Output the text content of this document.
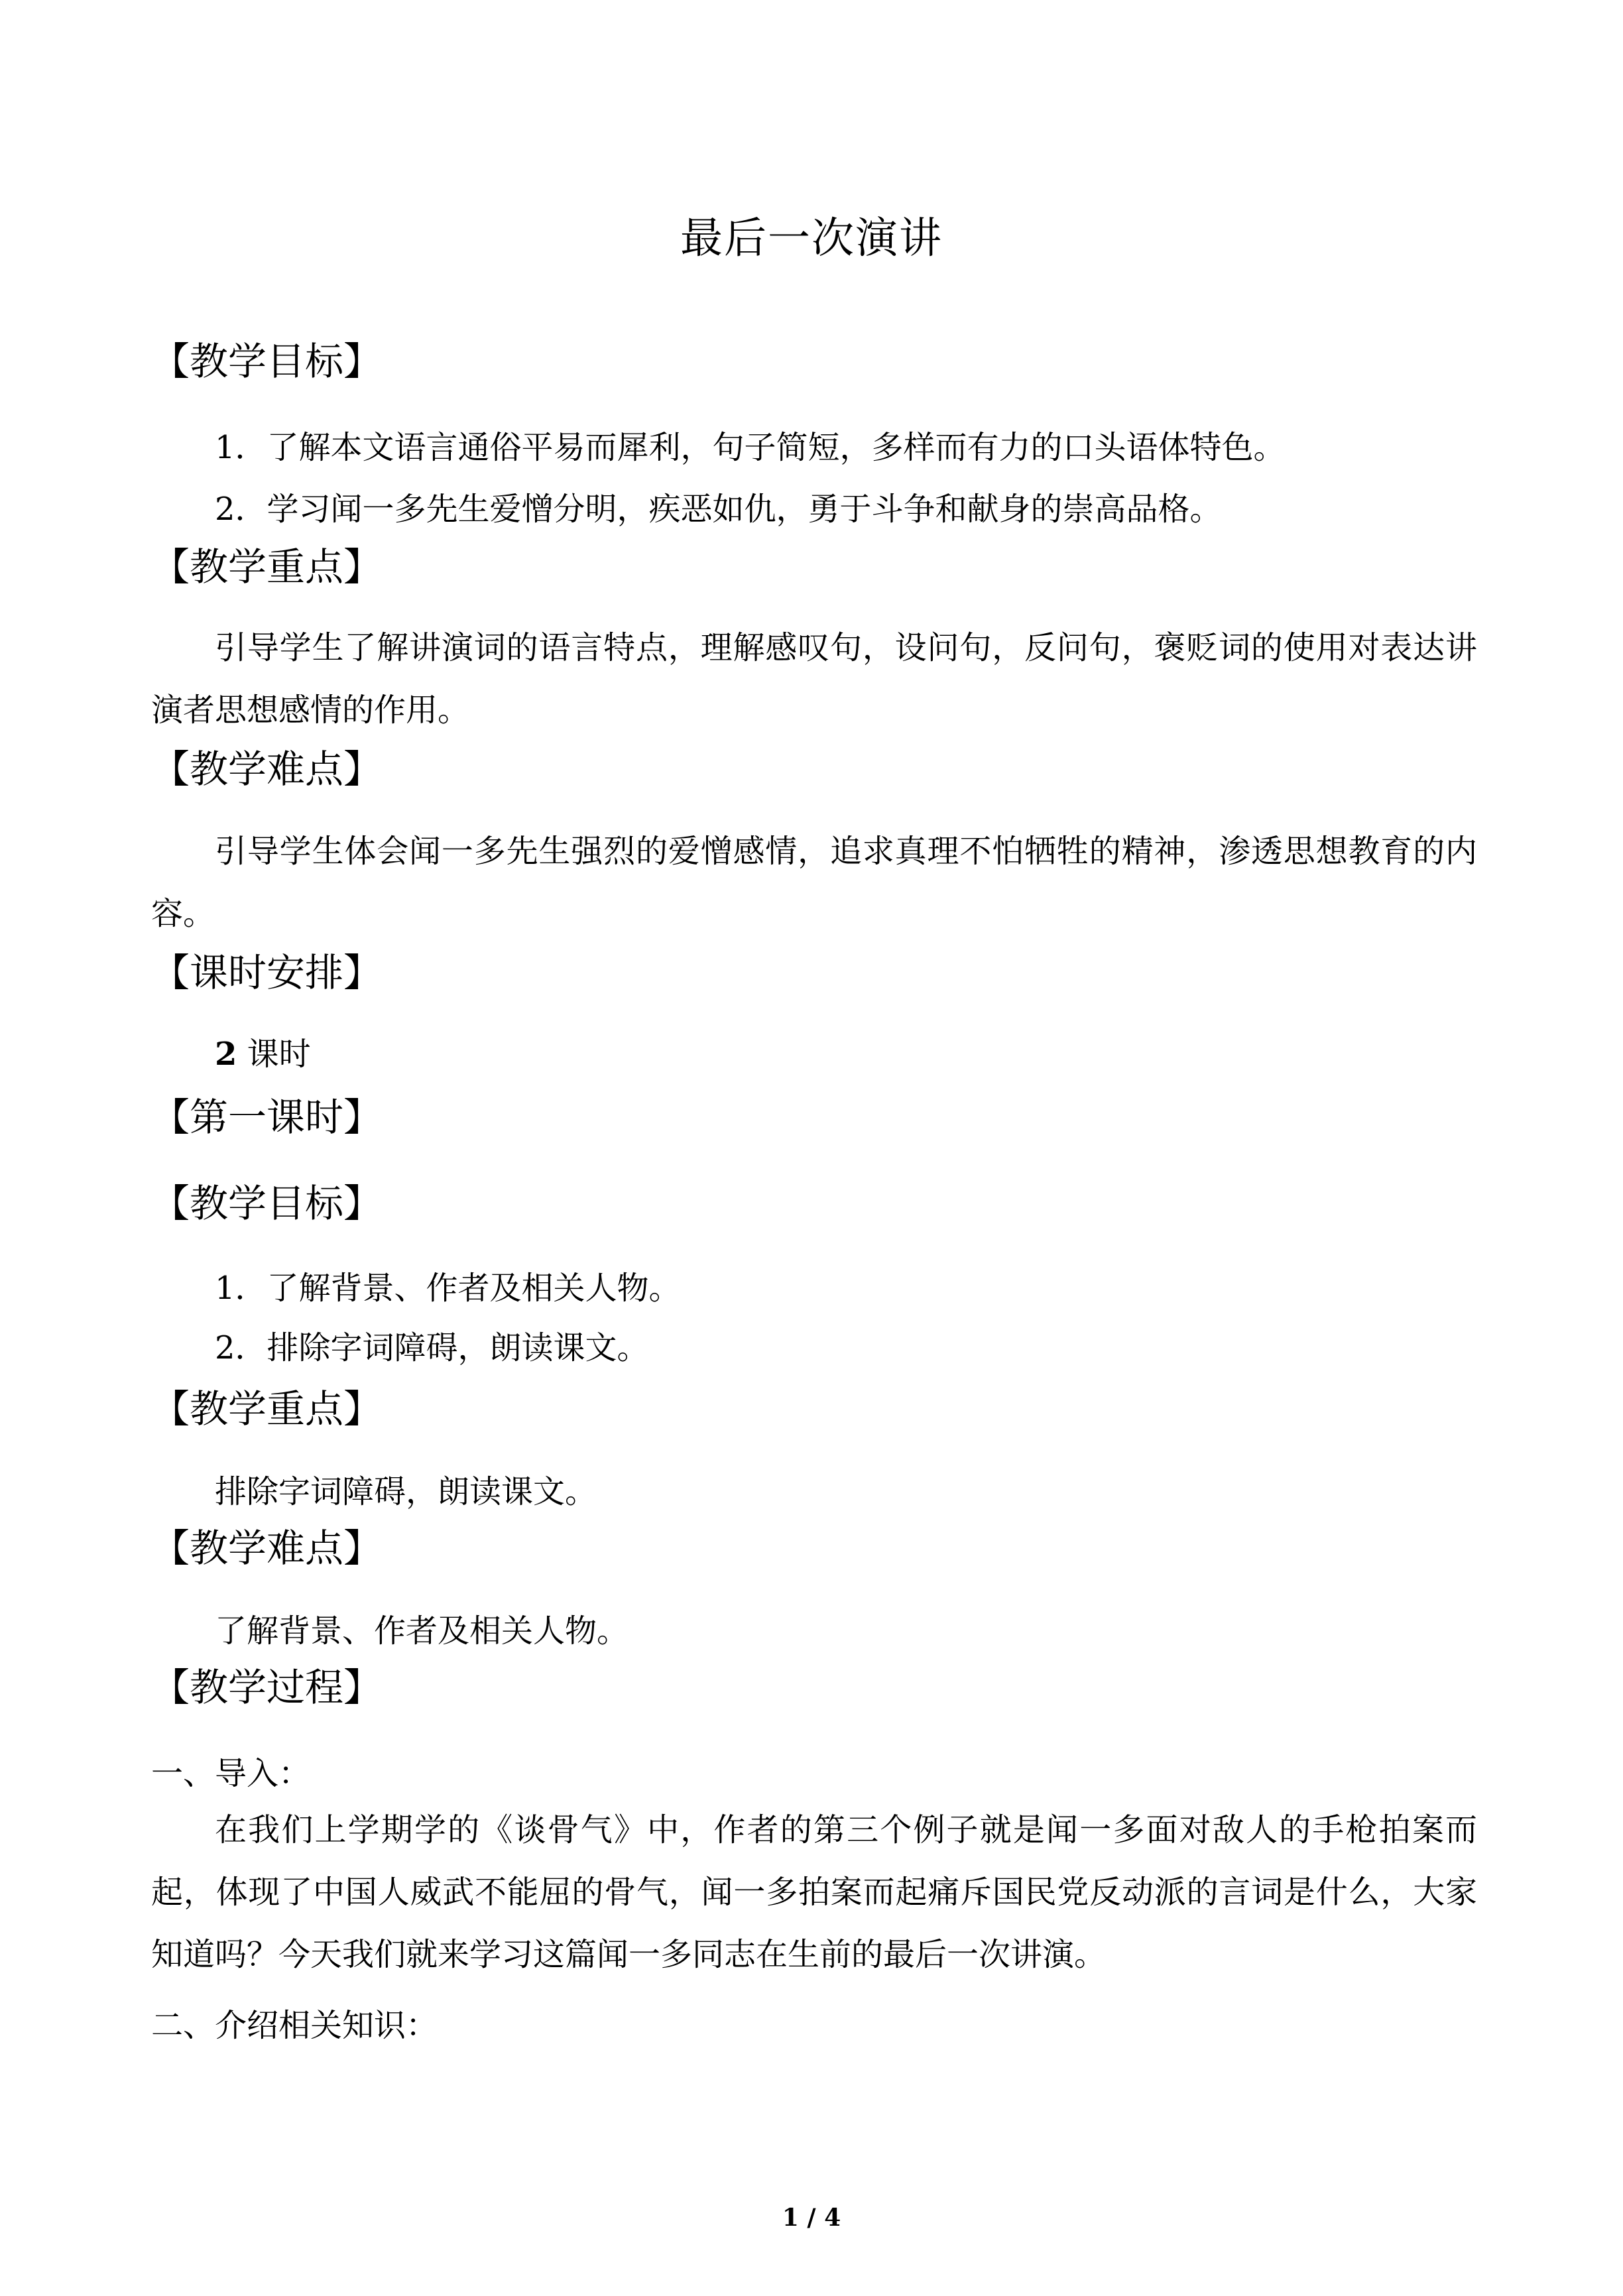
最后一次演讲
【教学目标】
1．了解本文语言通俗平易而犀利，句子简短，多样而有力的口头语体特色。
2．学习闻一多先生爱憎分明，疾恶如仇，勇于斗争和献身的崇高品格。
【教学重点】
引导学生了解讲演词的语言特点，理解感叹句，设问句，反问句，褒贬词的使用对表达讲演者思想感情的作用。
【教学难点】
引导学生体会闻一多先生强烈的爱憎感情，追求真理不怕牺牲的精神，渗透思想教育的内容。
【课时安排】
2 课时
【第一课时】
【教学目标】
1．了解背景、作者及相关人物。
2．排除字词障碍，朗读课文。
【教学重点】
排除字词障碍，朗读课文。
【教学难点】
了解背景、作者及相关人物。
【教学过程】
一、导入：
在我们上学期学的《谈骨气》中，作者的第三个例子就是闻一多面对敌人的手枪拍案而起，体现了中国人威武不能屈的骨气，闻一多拍案而起痛斥国民党反动派的言词是什么，大家知道吗？今天我们就来学习这篇闻一多同志在生前的最后一次讲演。
二、介绍相关知识：
1 / 4
